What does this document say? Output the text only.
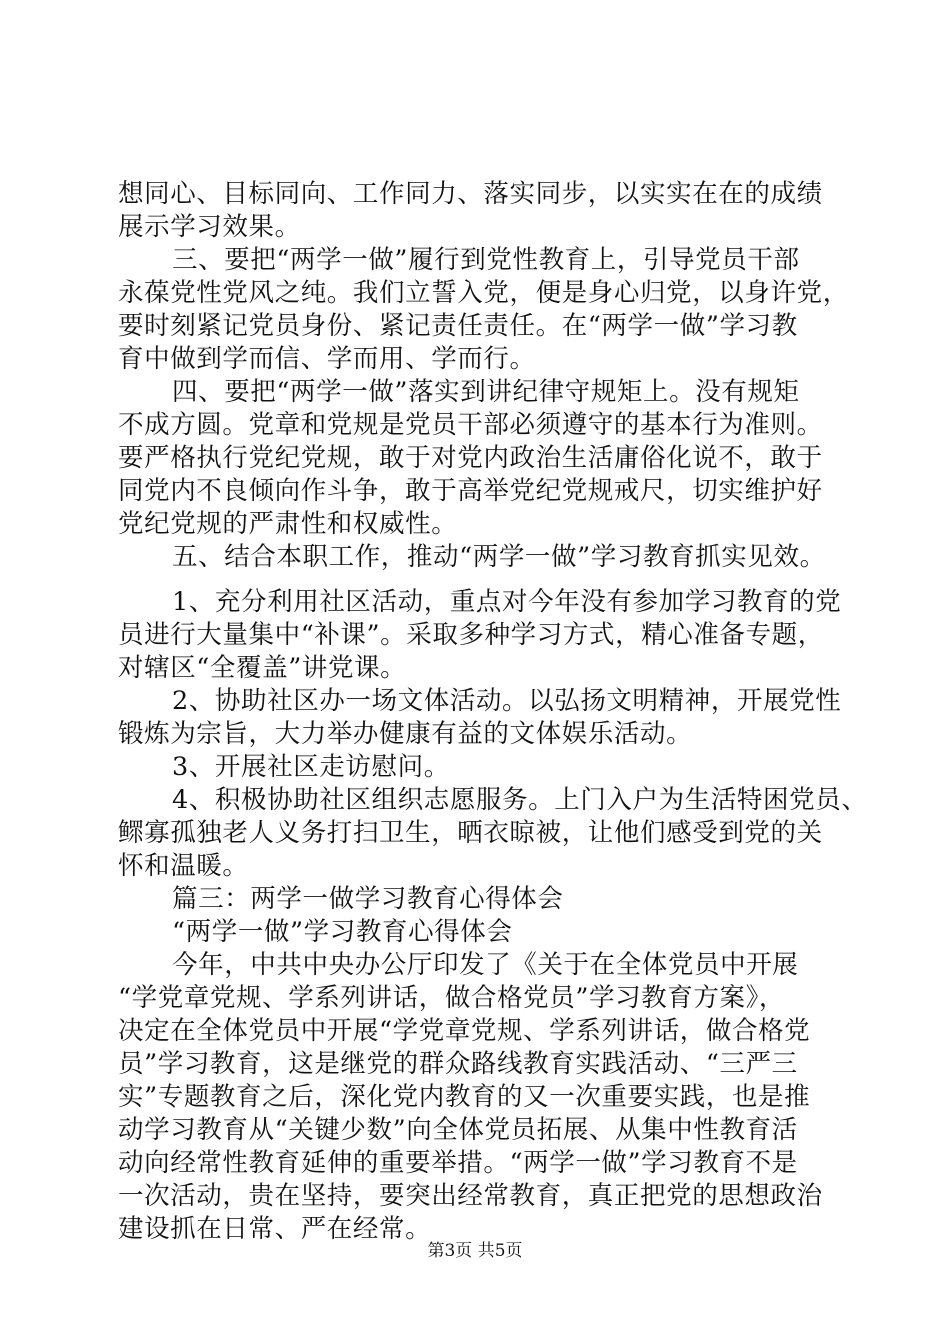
想同心、目标同向、工作同力、落实同步，以实实在在的成绩
展示学习效果。
三、要把“两学一做”履行到党性教育上，引导党员干部
永葆党性党风之纯。我们立誓入党，便是身心归党，以身许党，
要时刻紧记党员身份、紧记责任责任。在“两学一做”学习教
育中做到学而信、学而用、学而行。
四、要把“两学一做”落实到讲纪律守规矩上。没有规矩
不成方圆。党章和党规是党员干部必须遵守的基本行为准则。
要严格执行党纪党规，敢于对党内政治生活庸俗化说不，敢于
同党内不良倾向作斗争，敢于高举党纪党规戒尺，切实维护好
党纪党规的严肃性和权威性。
五、结合本职工作，推动“两学一做”学习教育抓实见效。
1、充分利用社区活动，重点对今年没有参加学习教育的党
员进行大量集中“补课”。采取多种学习方式，精心准备专题，
对辖区“全覆盖”讲党课。
2、协助社区办一场文体活动。以弘扬文明精神，开展党性
锻炼为宗旨，大力举办健康有益的文体娱乐活动。
3、开展社区走访慰问。
4、积极协助社区组织志愿服务。上门入户为生活特困党员、
鳏寡孤独老人义务打扫卫生，晒衣晾被，让他们感受到党的关
怀和温暖。
篇三：两学一做学习教育心得体会
“两学一做”学习教育心得体会
今年，中共中央办公厅印发了《关于在全体党员中开展
“学党章党规、学系列讲话，做合格党员”学习教育方案》，
决定在全体党员中开展“学党章党规、学系列讲话，做合格党
员”学习教育，这是继党的群众路线教育实践活动、“三严三
实”专题教育之后，深化党内教育的又一次重要实践，也是推
动学习教育从“关键少数”向全体党员拓展、从集中性教育活
动向经常性教育延伸的重要举措。“两学一做”学习教育不是
一次活动，贵在坚持，要突出经常教育，真正把党的思想政治
建设抓在日常、严在经常。
第3页 共5页
